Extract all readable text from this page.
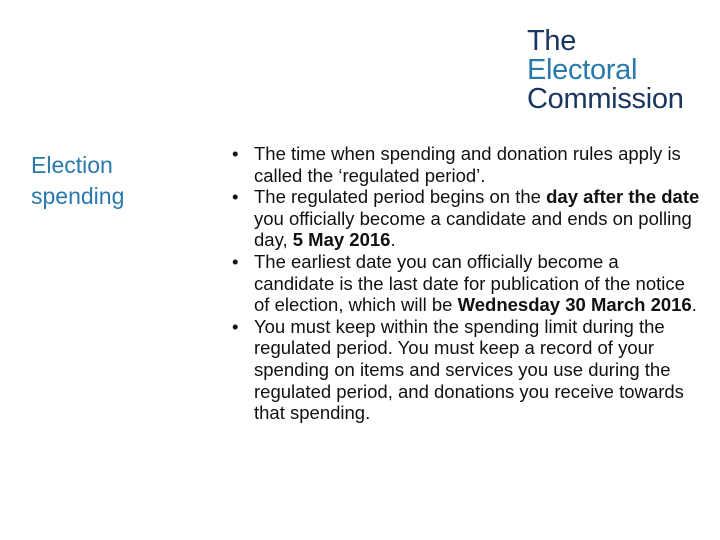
The
Electoral
Commission
Election
spending
• The time when spending and donation rules apply is called the ‘regulated period’.
• The regulated period begins on the day after the date you officially become a candidate and ends on polling day, 5 May 2016.
• The earliest date you can officially become a candidate is the last date for publication of the notice of election, which will be Wednesday 30 March 2016.
• You must keep within the spending limit during the regulated period. You must keep a record of your spending on items and services you use during the regulated period, and donations you receive towards that spending.
